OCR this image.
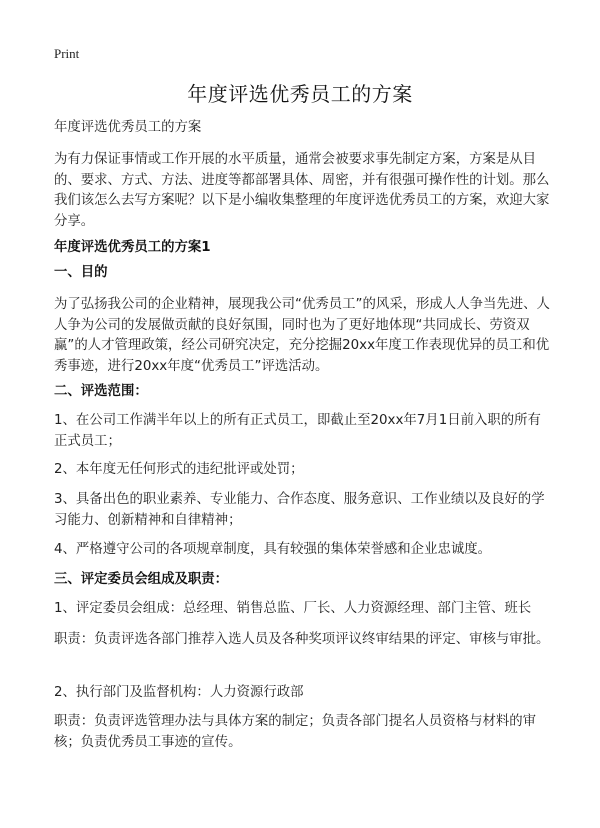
Print
年度评选优秀员工的方案
年度评选优秀员工的方案
为有力保证事情或工作开展的水平质量，通常会被要求事先制定方案，方案是从目的、要求、方式、方法、进度等都部署具体、周密，并有很强可操作性的计划。那么我们该怎么去写方案呢？以下是小编收集整理的年度评选优秀员工的方案，欢迎大家分享。
年度评选优秀员工的方案1
一、目的
为了弘扬我公司的企业精神，展现我公司“优秀员工”的风采，形成人人争当先进、人人争为公司的发展做贡献的良好氛围，同时也为了更好地体现“共同成长、劳资双赢”的人才管理政策，经公司研究决定，充分挖掘20xx年度工作表现优异的员工和优秀事迹，进行20xx年度“优秀员工”评选活动。
二、评选范围：
1、在公司工作满半年以上的所有正式员工，即截止至20xx年7月1日前入职的所有正式员工；
2、本年度无任何形式的违纪批评或处罚；
3、具备出色的职业素养、专业能力、合作态度、服务意识、工作业绩以及良好的学习能力、创新精神和自律精神；
4、严格遵守公司的各项规章制度，具有较强的集体荣誉感和企业忠诚度。
三、评定委员会组成及职责：
1、评定委员会组成：总经理、销售总监、厂长、人力资源经理、部门主管、班长
职责：负责评选各部门推荐入选人员及各种奖项评议终审结果的评定、审核与审批。
2、执行部门及监督机构：人力资源行政部
职责：负责评选管理办法与具体方案的制定；负责各部门提名人员资格与材料的审核；负责优秀员工事迹的宣传。
